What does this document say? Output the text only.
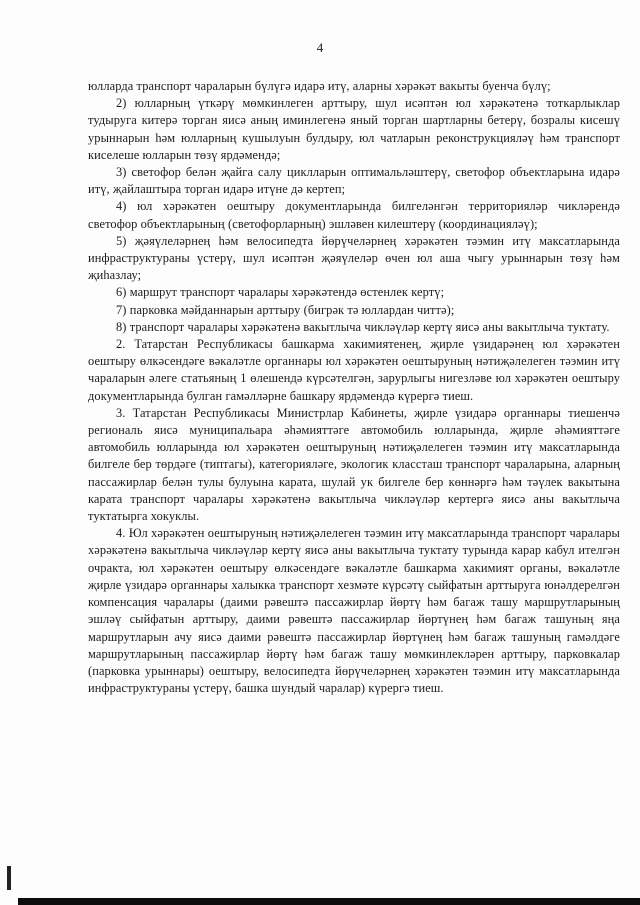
4

юлларда транспорт чараларын бүлүгә идарә итү, аларны хәрәкәт вакыты буенча бүлү;

2) юлларның үткәрү мөмкинлеген арттыру, шул исәптән юл хәрәкәтенә тоткарлыклар тудыруга китерә торган яисә аның иминлегенә яный торган шартларны бетерү, бозралы кисешү урыннарын һәм юлларның кушылуын булдыру, юл чатларын реконструкцияләү һәм транспорт киселеше юлларын төзү ярдәмендә;

3) светофор белән җайга салу циклларын оптимальләштерү, светофор объектларына идарә итү, җайлаштыра торган идарә итүне дә кертеп;

4) юл хәрәкәтен оештыру документларында билгеләнгән территорияләр чикләрендә светофор объектларының (светофорларның) эшләвен килештерү (координацияләү);

5) җәяүлеләрнең һәм велосипедта йөрүчеләрнең хәрәкәтен тәэмин итү максатларында инфраструктураны үстерү, шул исәптән җәяүлеләр өчен юл аша чыгу урыннарын төзү һәм җиһазлау;

6) маршрут транспорт чаралары хәрәкәтендә өстенлек кертү;

7) парковка мәйданнарын арттыру (бигрәк тә юллардан читтә);

8) транспорт чаралары хәрәкәтенә вакытлыча чикләүләр кертү яисә аны вакытлыча туктату.

2. Татарстан Республикасы башкарма хакимиятенең, җирле үзидарәнең юл хәрәкәтен оештыру өлкәсендәге вәкаләтле органнары юл хәрәкәтен оештыруның нәтиҗәлелеген тәэмин итү чараларын әлеге статьяның 1 өлешендә күрсәтелгән, зарурлыгы нигезләве юл хәрәкәтен оештыру документларында булган гамәлләрне башкару ярдәмендә күрергә тиеш.

3. Татарстан Республикасы Министрлар Кабинеты, җирле үзидарә органнары тиешенчә региональ яисә муниципальара әһәмияттәге автомобиль юлларында, җирле әһәмияттәге автомобиль юлларында юл хәрәкәтен оештыруның нәтиҗәлелеген тәэмин итү максатларында билгеле бер төрдәге (типтагы), категорияләге, экологик классташ транспорт чараларына, аларның пассажирлар белән тулы булуына карата, шулай ук билгеле бер көннәргә һәм тәүлек вакытына карата транспорт чаралары хәрәкәтенә вакытлыча чикләүләр кертергә яисә аны вакытлыча туктатырга хокуклы.

4. Юл хәрәкәтен оештыруның нәтиҗәлелеген тәэмин итү максатларында транспорт чаралары хәрәкәтенә вакытлыча чикләүләр кертү яисә аны вакытлыча туктату турында карар кабул ителгән очракта, юл хәрәкәтен оештыру өлкәсендәге вәкаләтле башкарма хакимият органы, вәкаләтле җирле үзидарә органнары халыкка транспорт хезмәте күрсәтү сыйфатын арттыруга юнәлдерелгән компенсация чаралары (даими рәвештә пассажирлар йөртү һәм багаж ташу маршрутларының эшләү сыйфатын арттыру, даими рәвештә пассажирлар йөртүнең һәм багаж ташуның яңа маршрутларын ачу яисә даими рәвештә пассажирлар йөртүнең һәм багаж ташуның гамәлдәге маршрутларының пассажирлар йөртү һәм багаж ташу мөмкинлекләрен арттыру, парковкалар (парковка урыннары) оештыру, велосипедта йөрүчеләрнең хәрәкәтен тәэмин итү максатларында инфраструктураны үстерү, башка шундый чаралар) күрергә тиеш.
